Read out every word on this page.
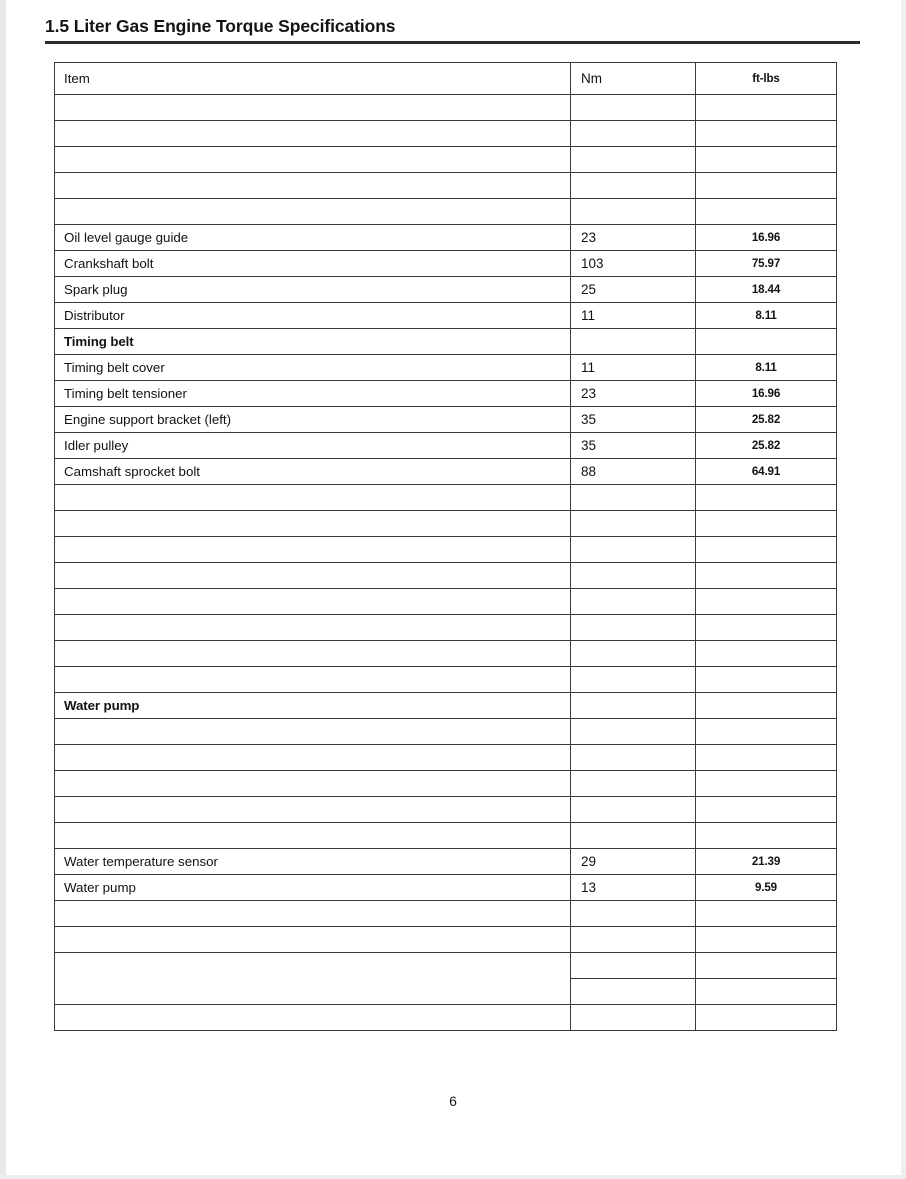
1.5 Liter Gas Engine Torque Specifications
Item	Nm	ft-lbs	

Oil level gauge guide	23	16.96	
Crankshaft bolt	103	75.97	
Spark plug	25	18.44	
Distributor	11	8.11	
Timing belt			
Timing belt cover	11	8.11	
Timing belt tensioner	23	16.96	
Engine support bracket (left)	35	25.82	
Idler pulley	35	25.82	
Camshaft sprocket bolt	88	64.91	

Water pump			

Water temperature sensor	29	21.39	
Water pump	13	9.59	

6
